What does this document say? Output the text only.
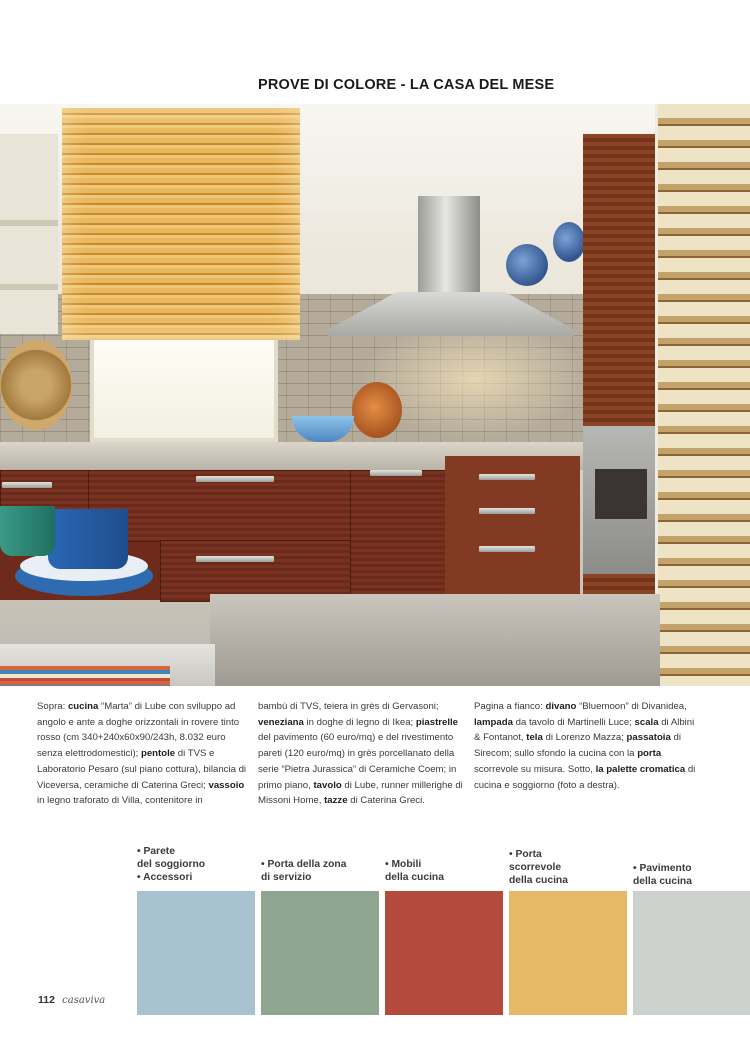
PROVE DI COLORE - LA CASA DEL MESE
Sopra: cucina “Marta” di Lube con sviluppo ad angolo e ante a doghe orizzontali in rovere tinto rosso (cm 340+240x60x90/243h, 8.032 euro senza elettrodomestici); pentole di TVS e Laboratorio Pesaro (sul piano cottura), bilancia di Viceversa, ceramiche di Caterina Greci; vassoio in legno traforato di Villa, contenitore in
bambù di TVS, teiera in grès di Gervasoni; veneziana in doghe di legno di Ikea; piastrelle del pavimento (60 euro/mq) e del rivestimento pareti (120 euro/mq) in grès porcellanato della serie “Pietra Jurassica” di Ceramiche Coem; in primo piano, tavolo di Lube, runner millerighe di Missoni Home, tazze di Caterina Greci.
Pagina a fianco: divano “Bluemoon” di Divanidea, lampada da tavolo di Martinelli Luce; scala di Albini & Fontanot, tela di Lorenzo Mazza; passatoia di Sirecom; sullo sfondo la cucina con la porta scorrevole su misura. Sotto, la palette cromatica di cucina e soggiorno (foto a destra).
• Parete
del soggiorno
• Accessori
• Porta della zona
di servizio
• Mobili
della cucina
• Porta
scorrevole
della cucina
• Pavimento
della cucina
112 casaviva
